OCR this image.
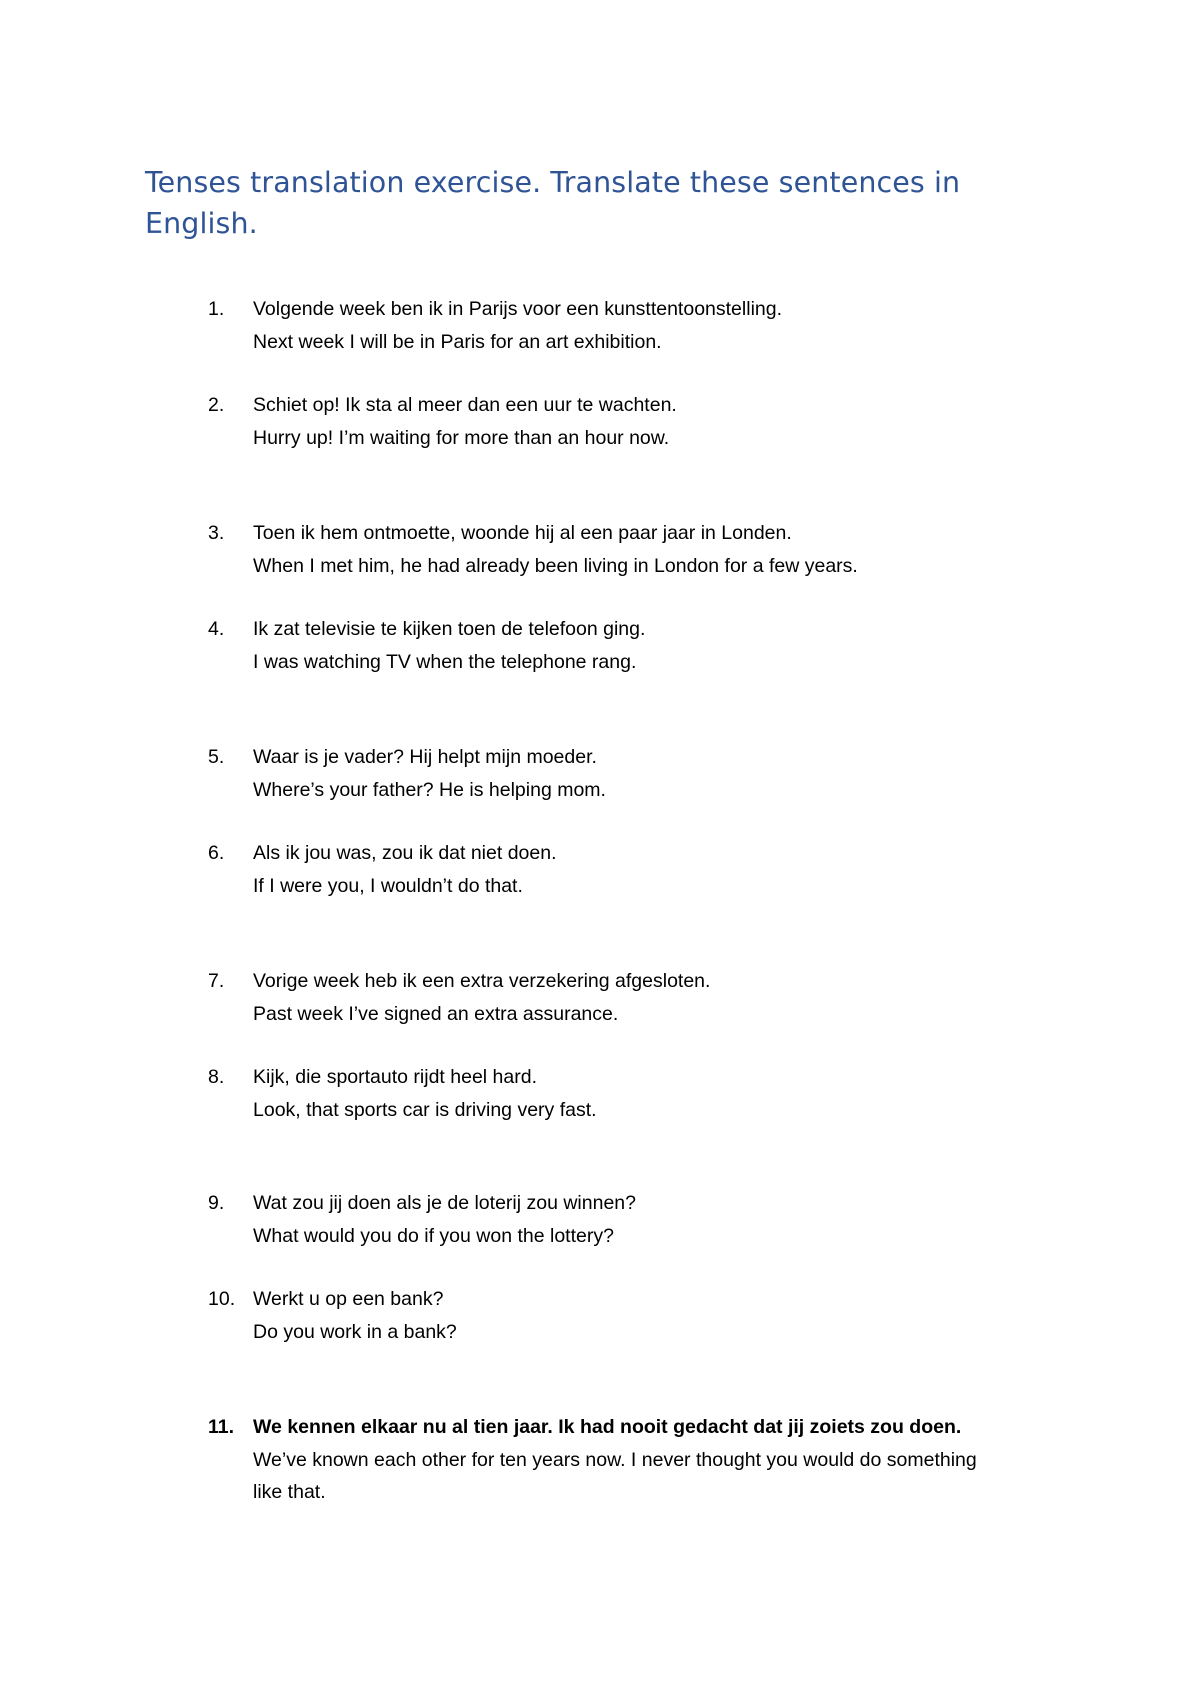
Tenses translation exercise. Translate these sentences in English.
1.	Volgende week ben ik in Parijs voor een kunsttentoonstelling.
Next week I will be in Paris for an art exhibition.
2.	Schiet op! Ik sta al meer dan een uur te wachten.
Hurry up! I’m waiting for more than an hour now.
3.	Toen ik hem ontmoette, woonde hij al een paar jaar in Londen.
When I met him, he had already been living in London for a few years.
4.	Ik zat televisie te kijken toen de telefoon ging.
I was watching TV when the telephone rang.
5.	Waar is je vader? Hij helpt mijn moeder.
Where’s your father? He is helping mom.
6.	Als ik jou was, zou ik dat niet doen.
If I were you, I wouldn’t do that.
7.	Vorige week heb ik een extra verzekering afgesloten.
Past week I’ve signed an extra assurance.
8.	Kijk, die sportauto rijdt heel hard.
Look, that sports car is driving very fast.
9.	Wat zou jij doen als je de loterij zou winnen?
What would you do if you won the lottery?
10. Werkt u op een bank?
Do you work in a bank?
11. We kennen elkaar nu al tien jaar. Ik had nooit gedacht dat jij zoiets zou doen.
We’ve known each other for ten years now. I never thought you would do something like that.
